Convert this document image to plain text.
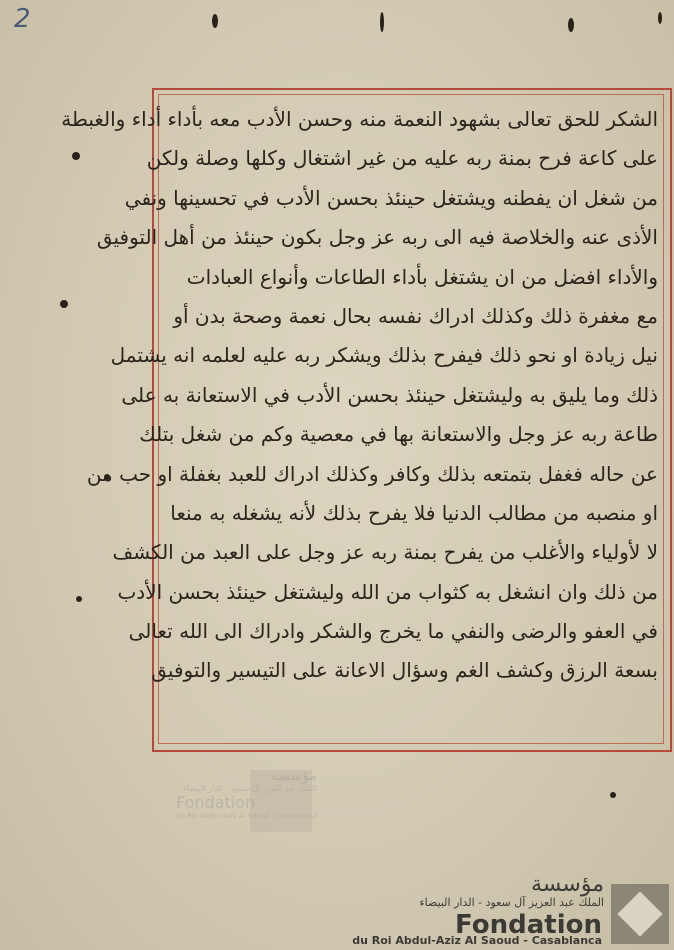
2
الشكر للحق تعالى بشهود النعمة منه وحسن الأدب معه بأداء أداء والغبطة
على كاعة فرح بمنة ربه عليه من غير اشتغال وكلها وصلة ولكن
من شغل ان يفطنه ويشتغل حينئذ بحسن الأدب في تحسينها ونفي
الأذى عنه والخلاصة فيه الى ربه عز وجل بكون حينئذ من أهل التوفيق
والأداء افضل من ان يشتغل بأداء الطاعات وأنواع العبادات
مع مغفرة ذلك وكذلك ادراك نفسه بحال نعمة وصحة بدن أو
نيل زيادة او نحو ذلك فيفرح بذلك ويشكر ربه عليه لعلمه انه يشتمل
ذلك وما يليق به وليشتغل حينئذ بحسن الأدب في الاستعانة به على
طاعة ربه عز وجل والاستعانة بها في معصية وكم من شغل بتلك
عن حاله فغفل بتمتعه بذلك وكافر وكذلك ادراك للعبد بغفلة او حب من
او منصبه من مطالب الدنيا فلا يفرح بذلك لأنه يشغله به منعا
لا لأولياء والأغلب من يفرح بمنة ربه عز وجل على العبد من الكشف
من ذلك وان انشغل به كثواب من الله وليشتغل حينئذ بحسن الأدب
في العفو والرضى والنفي ما يخرج والشكر وادراك الى الله تعالى
بسعة الرزق وكشف الغم وسؤال الاعانة على التيسير والتوفيق
مؤسسة
الملك عبد العزيز آل سعود - الدار البيضاء
Fondation
du Roi Abdul-Aziz Al Saoud - Casablanca
مؤسسة
الملك عبد العزيز آل سعود - الدار البيضاء
Fondation
du Roi Abdul-Aziz Al Saoud - Casablanca
